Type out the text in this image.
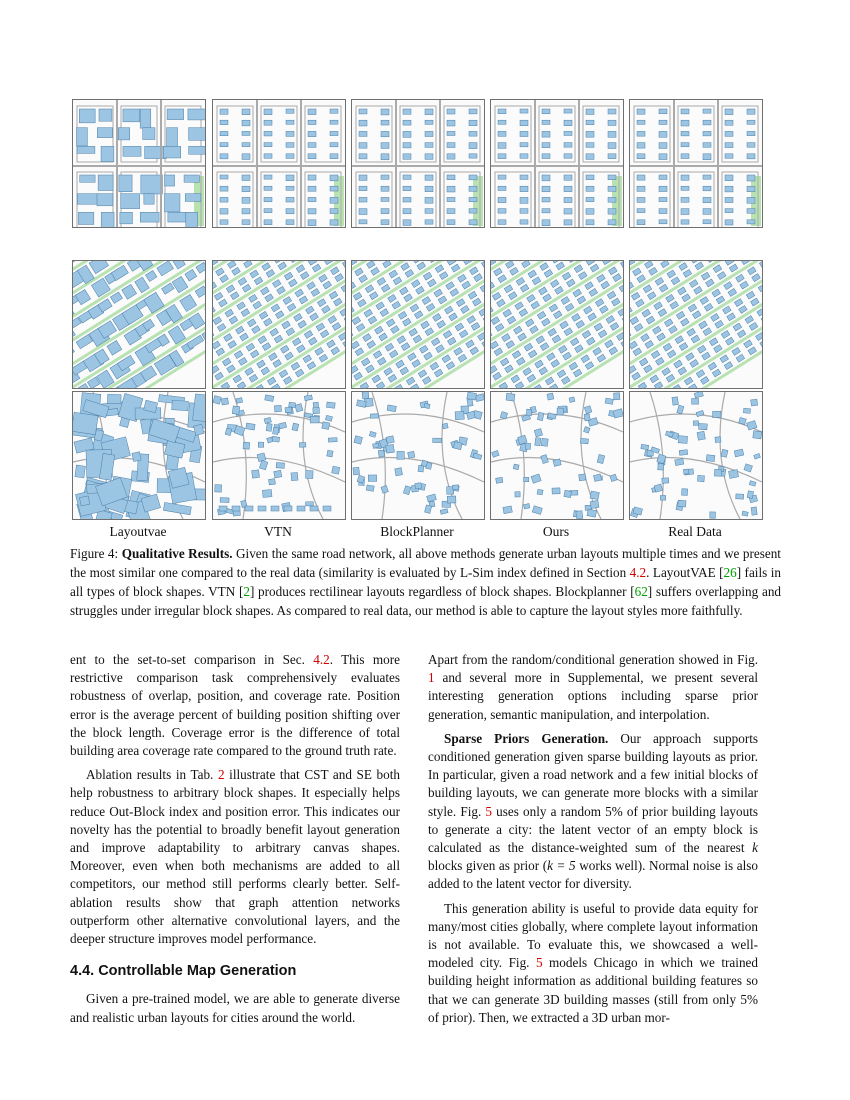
Layoutvae	VTN	BlockPlanner	Ours	Real Data
Figure 4: Qualitative Results. Given the same road network, all above methods generate urban layouts multiple times and we present the most similar one compared to the real data (similarity is evaluated by L-Sim index defined in Section 4.2. LayoutVAE [26] fails in all types of block shapes. VTN [2] produces rectilinear layouts regardless of block shapes. Blockplanner [62] suffers overlapping and struggles under irregular block shapes. As compared to real data, our method is able to capture the layout styles more faithfully.

ent to the set-to-set comparison in Sec. 4.2. This more restrictive comparison task comprehensively evaluates robustness of overlap, position, and coverage rate. Position error is the average percent of building position shifting over the block length. Coverage error is the difference of total building area coverage rate compared to the ground truth rate.

Ablation results in Tab. 2 illustrate that CST and SE both help robustness to arbitrary block shapes. It especially helps reduce Out-Block index and position error. This indicates our novelty has the potential to broadly benefit layout generation and improve adaptability to arbitrary canvas shapes. Moreover, even when both mechanisms are added to all competitors, our method still performs clearly better. Self-ablation results show that graph attention networks outperform other alternative convolutional layers, and the deeper structure improves model performance.

4.4. Controllable Map Generation

Given a pre-trained model, we are able to generate diverse and realistic urban layouts for cities around the world.

Apart from the random/conditional generation showed in Fig. 1 and several more in Supplemental, we present several interesting generation options including sparse prior generation, semantic manipulation, and interpolation.

Sparse Priors Generation. Our approach supports conditioned generation given sparse building layouts as prior. In particular, given a road network and a few initial blocks of building layouts, we can generate more blocks with a similar style. Fig. 5 uses only a random 5% of prior building layouts to generate a city: the latent vector of an empty block is calculated as the distance-weighted sum of the nearest k blocks given as prior (k = 5 works well). Normal noise is also added to the latent vector for diversity.

This generation ability is useful to provide data equity for many/most cities globally, where complete layout information is not available. To evaluate this, we showcased a well-modeled city. Fig. 5 models Chicago in which we trained building height information as additional building features so that we can generate 3D building masses (still from only 5% of prior). Then, we extracted a 3D urban mor-
